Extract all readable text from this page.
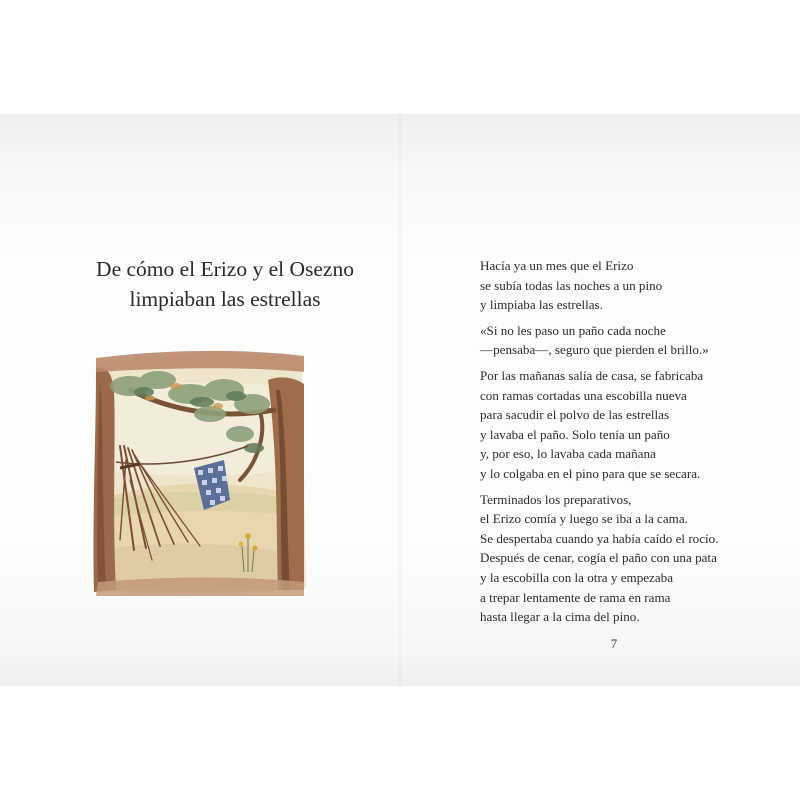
De cómo el Erizo y el Osezno
limpiaban las estrellas

Hacía ya un mes que el Erizo
se subía todas las noches a un pino
y limpiaba las estrellas.

«Si no les paso un paño cada noche
—pensaba—, seguro que pierden el brillo.»

Por las mañanas salía de casa, se fabricaba
con ramas cortadas una escobilla nueva
para sacudir el polvo de las estrellas
y lavaba el paño. Solo tenía un paño
y, por eso, lo lavaba cada mañana
y lo colgaba en el pino para que se secara.

Terminados los preparativos,
el Erizo comía y luego se iba a la cama.
Se despertaba cuando ya había caído el rocío.
Después de cenar, cogía el paño con una pata
y la escobilla con la otra y empezaba
a trepar lentamente de rama en rama
hasta llegar a la cima del pino.

7
